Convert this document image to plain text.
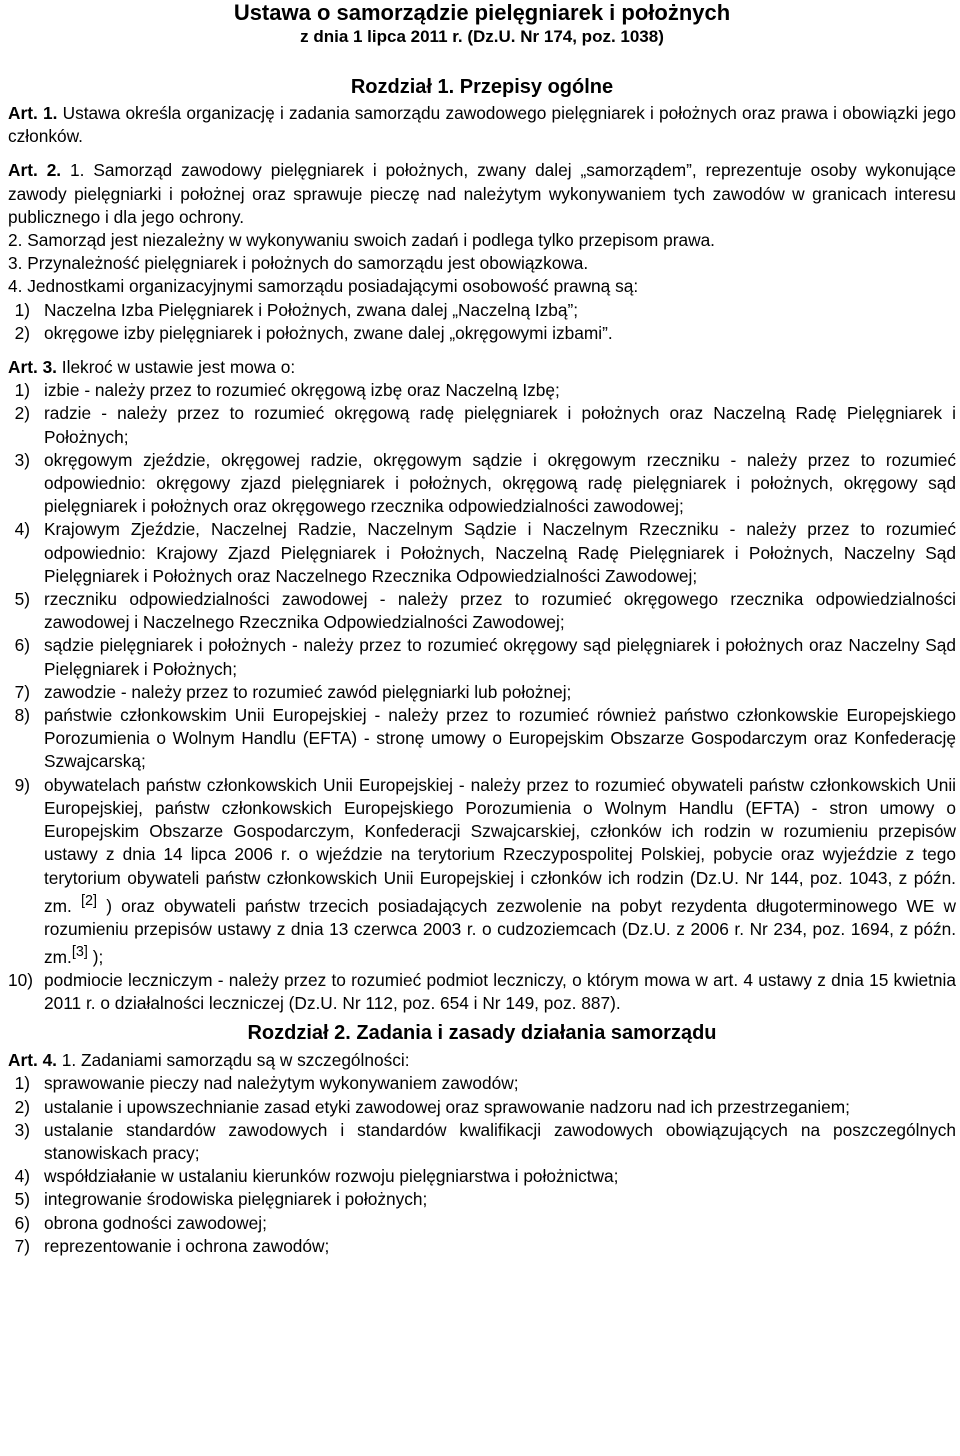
Ustawa o samorządzie pielęgniarek i położnych

z dnia 1 lipca 2011 r. (Dz.U. Nr 174, poz. 1038)

Rozdział 1. Przepisy ogólne

Art. 1. Ustawa określa organizację i zadania samorządu zawodowego pielęgniarek i położnych oraz prawa i obowiązki jego członków.

Art. 2. 1. Samorząd zawodowy pielęgniarek i położnych, zwany dalej „samorządem”, reprezentuje osoby wykonujące zawody pielęgniarki i położnej oraz sprawuje pieczę nad należytym wykonywaniem tych zawodów w granicach interesu publicznego i dla jego ochrony.

2. Samorząd jest niezależny w wykonywaniu swoich zadań i podlega tylko przepisom prawa.

3. Przynależność pielęgniarek i położnych do samorządu jest obowiązkowa.

4. Jednostkami organizacyjnymi samorządu posiadającymi osobowość prawną są:

1) Naczelna Izba Pielęgniarek i Położnych, zwana dalej „Naczelną Izbą”;
2) okręgowe izby pielęgniarek i położnych, zwane dalej „okręgowymi izbami”.

Art. 3. Ilekroć w ustawie jest mowa o:

1) izbie - należy przez to rozumieć okręgową izbę oraz Naczelną Izbę;
2) radzie - należy przez to rozumieć okręgową radę pielęgniarek i położnych oraz Naczelną Radę Pielęgniarek i Położnych;
3) okręgowym zjeździe, okręgowej radzie, okręgowym sądzie i okręgowym rzeczniku - należy przez to rozumieć odpowiednio: okręgowy zjazd pielęgniarek i położnych, okręgową radę pielęgniarek i położnych, okręgowy sąd pielęgniarek i położnych oraz okręgowego rzecznika odpowiedzialności zawodowej;
4) Krajowym Zjeździe, Naczelnej Radzie, Naczelnym Sądzie i Naczelnym Rzeczniku - należy przez to rozumieć odpowiednio: Krajowy Zjazd Pielęgniarek i Położnych, Naczelną Radę Pielęgniarek i Położnych, Naczelny Sąd Pielęgniarek i Położnych oraz Naczelnego Rzecznika Odpowiedzialności Zawodowej;
5) rzeczniku odpowiedzialności zawodowej - należy przez to rozumieć okręgowego rzecznika odpowiedzialności zawodowej i Naczelnego Rzecznika Odpowiedzialności Zawodowej;
6) sądzie pielęgniarek i położnych - należy przez to rozumieć okręgowy sąd pielęgniarek i położnych oraz Naczelny Sąd Pielęgniarek i Położnych;
7) zawodzie - należy przez to rozumieć zawód pielęgniarki lub położnej;
8) państwie członkowskim Unii Europejskiej - należy przez to rozumieć również państwo członkowskie Europejskiego Porozumienia o Wolnym Handlu (EFTA) - stronę umowy o Europejskim Obszarze Gospodarczym oraz Konfederację Szwajcarską;
9) obywatelach państw członkowskich Unii Europejskiej - należy przez to rozumieć obywateli państw członkowskich Unii Europejskiej, państw członkowskich Europejskiego Porozumienia o Wolnym Handlu (EFTA) - stron umowy o Europejskim Obszarze Gospodarczym, Konfederacji Szwajcarskiej, członków ich rodzin w rozumieniu przepisów ustawy z dnia 14 lipca 2006 r. o wjeździe na terytorium Rzeczypospolitej Polskiej, pobycie oraz wyjeździe z tego terytorium obywateli państw członkowskich Unii Europejskiej i członków ich rodzin (Dz.U. Nr 144, poz. 1043, z późn. zm. [2] ) oraz obywateli państw trzecich posiadających zezwolenie na pobyt rezydenta długoterminowego WE w rozumieniu przepisów ustawy z dnia 13 czerwca 2003 r. o cudzoziemcach (Dz.U. z 2006 r. Nr 234, poz. 1694, z późn. zm.[3] );
10) podmiocie leczniczym - należy przez to rozumieć podmiot leczniczy, o którym mowa w art. 4 ustawy z dnia 15 kwietnia 2011 r. o działalności leczniczej (Dz.U. Nr 112, poz. 654 i Nr 149, poz. 887).
Rozdział 2. Zadania i zasady działania samorządu

Art. 4. 1. Zadaniami samorządu są w szczególności:

1) sprawowanie pieczy nad należytym wykonywaniem zawodów;
2) ustalanie i upowszechnianie zasad etyki zawodowej oraz sprawowanie nadzoru nad ich przestrzeganiem;
3) ustalanie standardów zawodowych i standardów kwalifikacji zawodowych obowiązujących na poszczególnych stanowiskach pracy;
4) współdziałanie w ustalaniu kierunków rozwoju pielęgniarstwa i położnictwa;
5) integrowanie środowiska pielęgniarek i położnych;
6) obrona godności zawodowej;
7) reprezentowanie i ochrona zawodów;
